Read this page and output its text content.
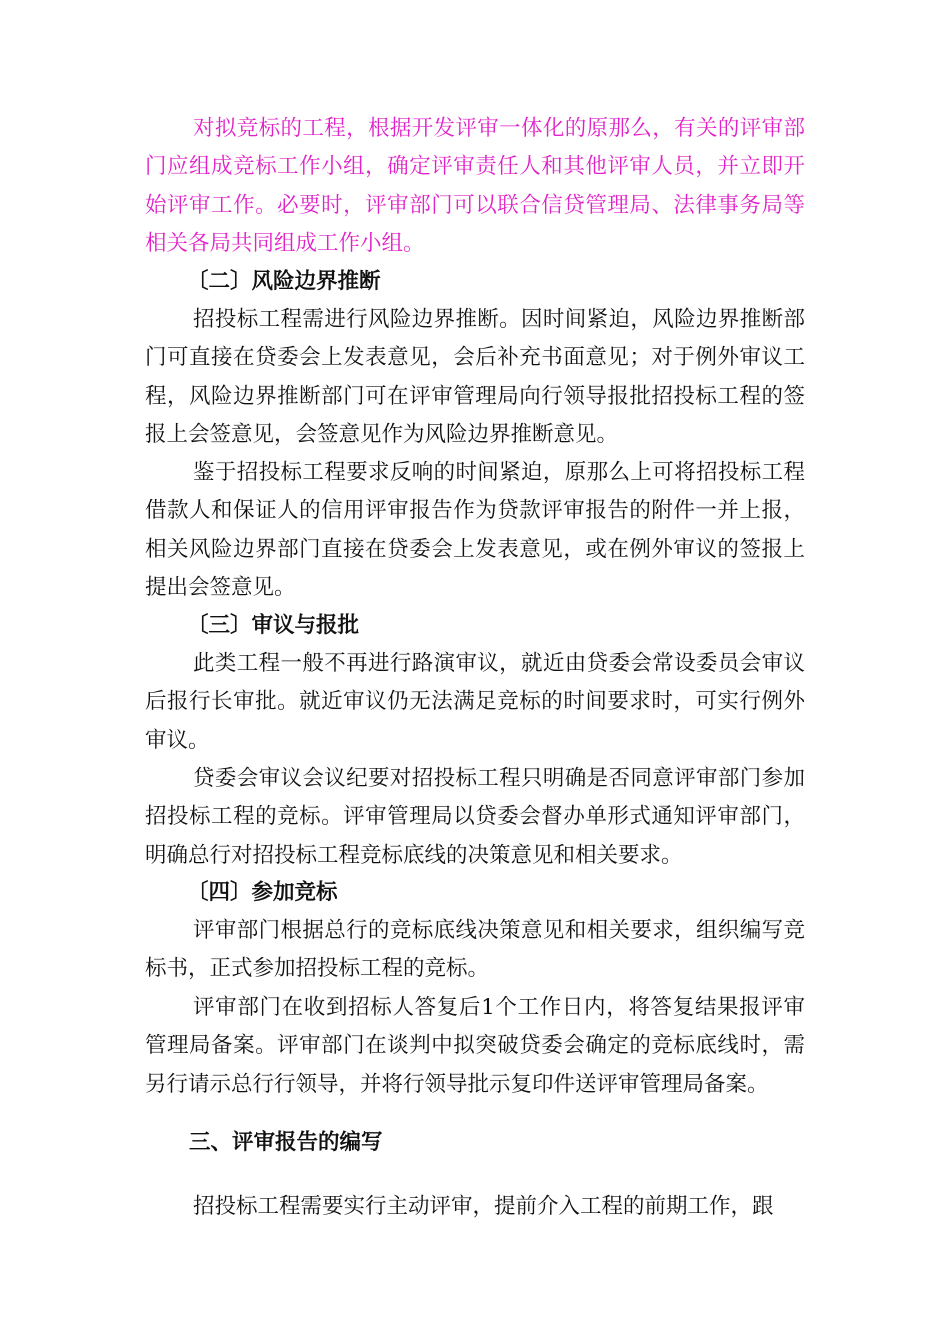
对拟竞标的工程，根据开发评审一体化的原那么，有关的评审部门应组成竞标工作小组，确定评审责任人和其他评审人员，并立即开始评审工作。必要时，评审部门可以联合信贷管理局、法律事务局等相关各局共同组成工作小组。

〔二〕风险边界推断

招投标工程需进行风险边界推断。因时间紧迫，风险边界推断部门可直接在贷委会上发表意见，会后补充书面意见；对于例外审议工程，风险边界推断部门可在评审管理局向行领导报批招投标工程的签报上会签意见，会签意见作为风险边界推断意见。

鉴于招投标工程要求反响的时间紧迫，原那么上可将招投标工程借款人和保证人的信用评审报告作为贷款评审报告的附件一并上报，相关风险边界部门直接在贷委会上发表意见，或在例外审议的签报上提出会签意见。

〔三〕审议与报批

此类工程一般不再进行路演审议，就近由贷委会常设委员会审议后报行长审批。就近审议仍无法满足竞标的时间要求时，可实行例外审议。

贷委会审议会议纪要对招投标工程只明确是否同意评审部门参加招投标工程的竞标。评审管理局以贷委会督办单形式通知评审部门，明确总行对招投标工程竞标底线的决策意见和相关要求。

〔四〕参加竞标

评审部门根据总行的竞标底线决策意见和相关要求，组织编写竞标书，正式参加招投标工程的竞标。

评审部门在收到招标人答复后1个工作日内，将答复结果报评审管理局备案。评审部门在谈判中拟突破贷委会确定的竞标底线时，需另行请示总行行领导，并将行领导批示复印件送评审管理局备案。

三、评审报告的编写

招投标工程需要实行主动评审，提前介入工程的前期工作，跟
